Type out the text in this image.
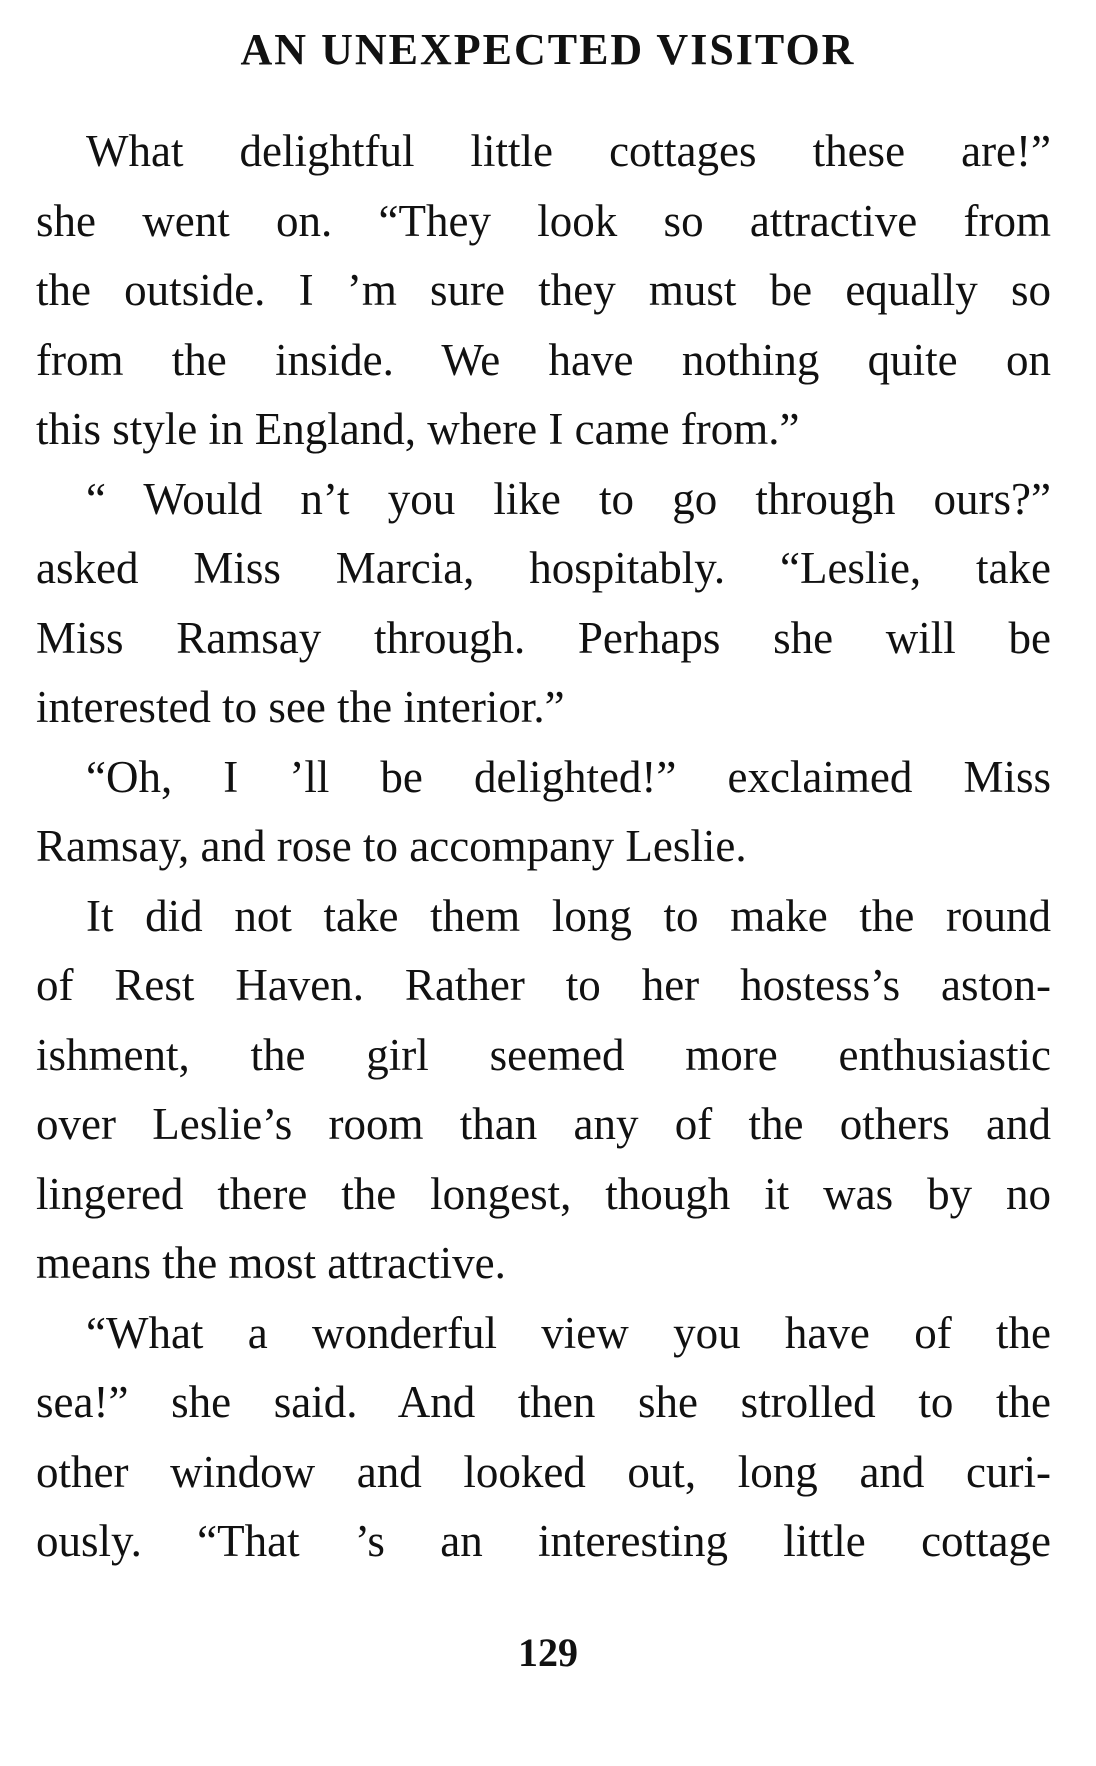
AN UNEXPECTED VISITOR
What delightful little cottages these are!”
she went on. “They look so attractive from
the outside. I ’m sure they must be equally so
from the inside. We have nothing quite on
this style in England, where I came from.”
“ Would n’t you like to go through ours?”
asked Miss Marcia, hospitably. “Leslie, take
Miss Ramsay through. Perhaps she will be
interested to see the interior.”
“Oh, I ’ll be delighted!” exclaimed Miss
Ramsay, and rose to accompany Leslie.
It did not take them long to make the round
of Rest Haven. Rather to her hostess’s aston-
ishment, the girl seemed more enthusiastic
over Leslie’s room than any of the others and
lingered there the longest, though it was by no
means the most attractive.
“What a wonderful view you have of the
sea!” she said. And then she strolled to the
other window and looked out, long and curi-
ously. “That ’s an interesting little cottage
129
